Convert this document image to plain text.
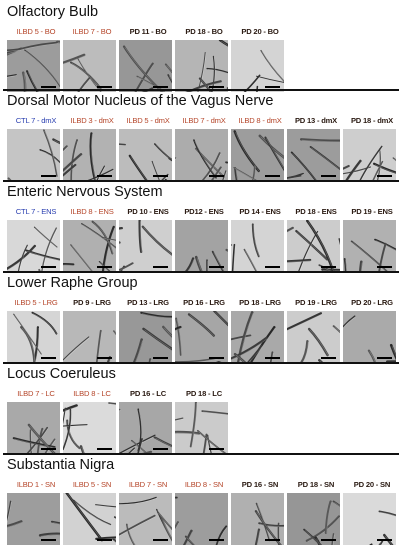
Olfactory Bulb
ILBD 5 - BO	ILBD 7 - BO	PD 11 - BO	PD 18 - BO	PD 20 - BO
Dorsal Motor Nucleus of the Vagus Nerve
CTL 7 - dmX	ILBD 3 - dmX	ILBD 5 - dmX	ILBD 7 - dmX	ILBD 8 - dmX	PD 13 - dmX	PD 18 - dmX
Enteric Nervous System
CTL 7 - ENS	ILBD 8 - ENS	PD 10 - ENS	PD12 - ENS	PD 14 - ENS	PD 18 - ENS	PD 19 - ENS
Lower Raphe Group
ILBD 5 - LRG	PD 9 - LRG	PD 13 - LRG	PD 16 - LRG	PD 18 - LRG	PD 19 - LRG	PD 20 - LRG
Locus Coeruleus
ILBD 7 - LC	ILBD 8 - LC	PD 16 - LC	PD 18 - LC
Substantia Nigra
ILBD 1 - SN	ILBD 5 - SN	ILBD 7 - SN	ILBD 8 - SN	PD 16 - SN	PD 18 - SN	PD 20 - SN
